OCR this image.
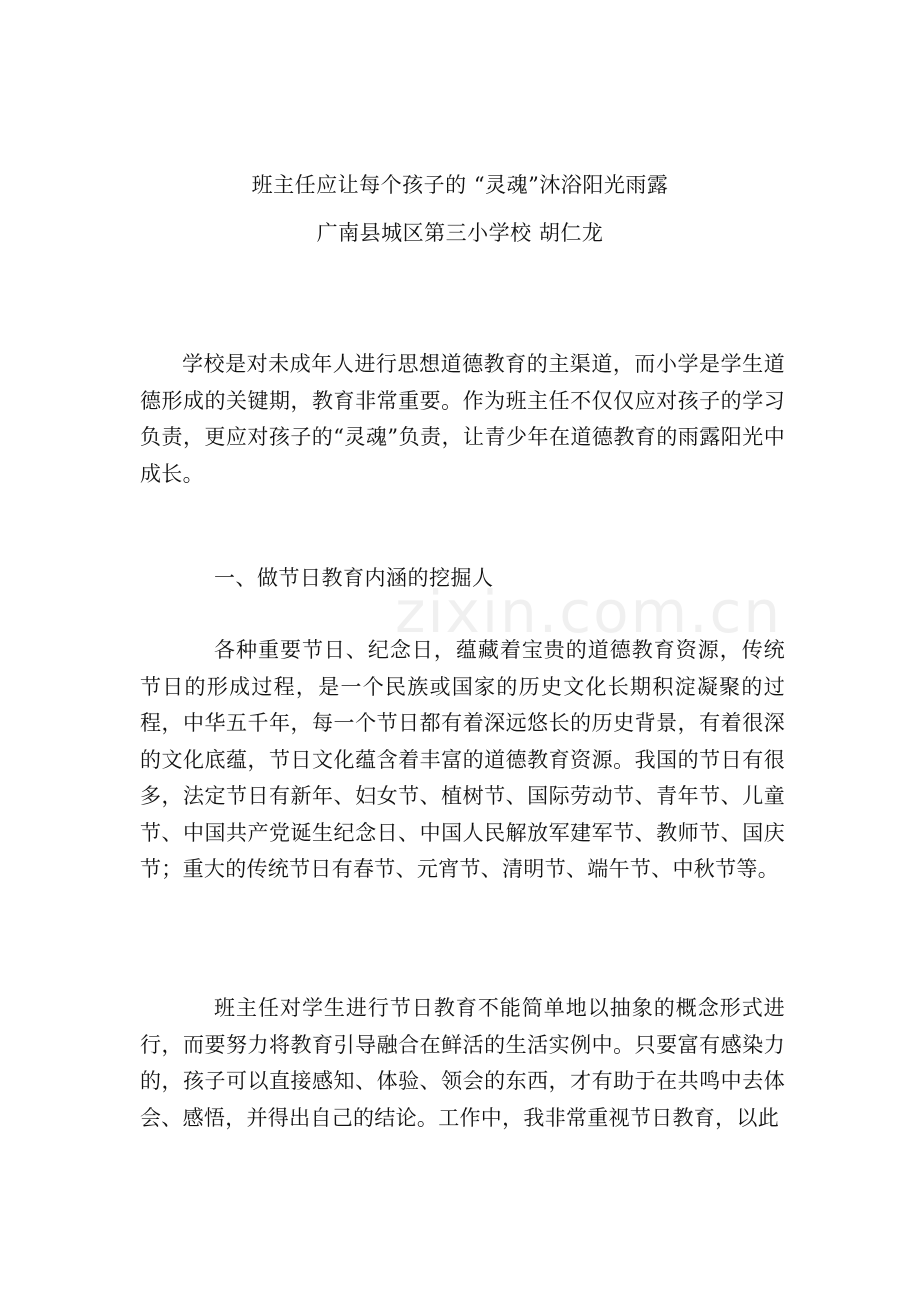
班主任应让每个孩子的 “灵魂”沐浴阳光雨露
广南县城区第三小学校 胡仁龙

学校是对未成年人进行思想道德教育的主渠道，而小学是学生道德形成的关键期，教育非常重要。作为班主任不仅仅应对孩子的学习负责，更应对孩子的“灵魂”负责，让青少年在道德教育的雨露阳光中成长。

一、做节日教育内涵的挖掘人
zixin.com.cn

各种重要节日、纪念日，蕴藏着宝贵的道德教育资源，传统节日的形成过程，是一个民族或国家的历史文化长期积淀凝聚的过程，中华五千年，每一个节日都有着深远悠长的历史背景，有着很深的文化底蕴，节日文化蕴含着丰富的道德教育资源。我国的节日有很多，法定节日有新年、妇女节、植树节、国际劳动节、青年节、儿童节、中国共产党诞生纪念日、中国人民解放军建军节、教师节、国庆节；重大的传统节日有春节、元宵节、清明节、端午节、中秋节等。

班主任对学生进行节日教育不能简单地以抽象的概念形式进行，而要努力将教育引导融合在鲜活的生活实例中。只要富有感染力的，孩子可以直接感知、体验、领会的东西，才有助于在共鸣中去体会、感悟，并得出自己的结论。工作中，我非常重视节日教育，以此
